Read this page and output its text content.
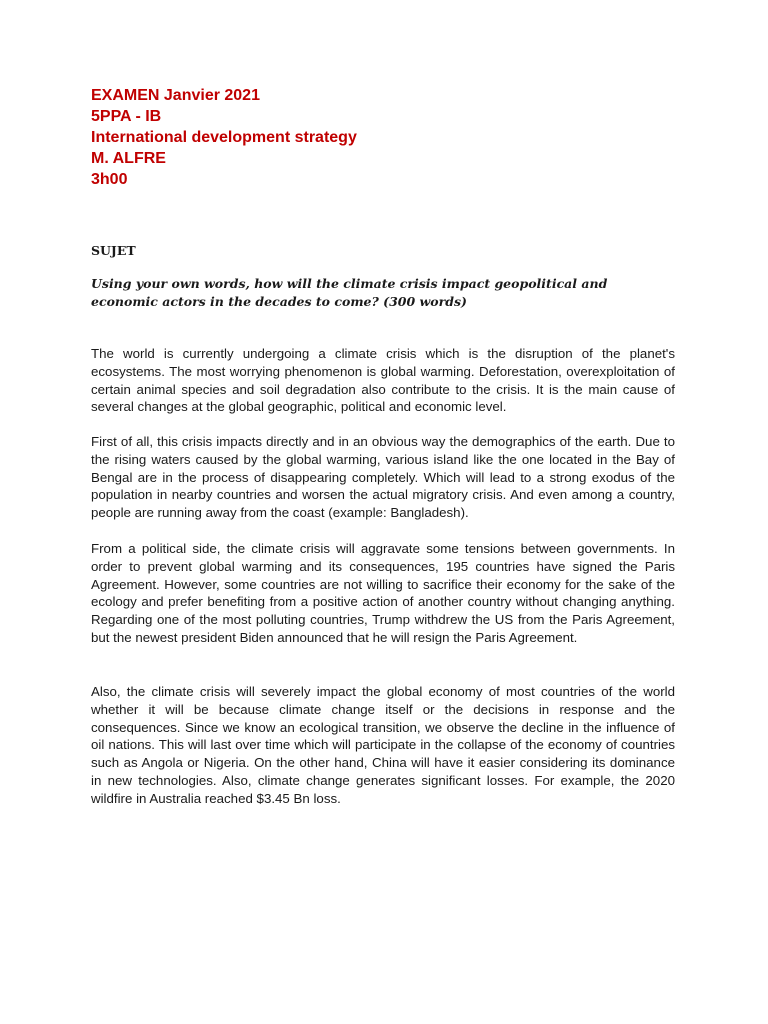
EXAMEN Janvier 2021
5PPA - IB
International development strategy
M. ALFRE
3h00
SUJET
Using your own words, how will the climate crisis impact geopolitical and economic actors in the decades to come? (300 words)

The world is currently undergoing a climate crisis which is the disruption of the planet's ecosystems. The most worrying phenomenon is global warming. Deforestation, overexploitation of certain animal species and soil degradation also contribute to the crisis. It is the main cause of several changes at the global geographic, political and economic level.

First of all, this crisis impacts directly and in an obvious way the demographics of the earth. Due to the rising waters caused by the global warming, various island like the one located in the Bay of Bengal are in the process of disappearing completely. Which will lead to a strong exodus of the population in nearby countries and worsen the actual migratory crisis. And even among a country, people are running away from the coast (example: Bangladesh).

From a political side, the climate crisis will aggravate some tensions between governments. In order to prevent global warming and its consequences, 195 countries have signed the Paris Agreement. However, some countries are not willing to sacrifice their economy for the sake of the ecology and prefer benefiting from a positive action of another country without changing anything. Regarding one of the most polluting countries, Trump withdrew the US from the Paris Agreement, but the newest president Biden announced that he will resign the Paris Agreement.

Also, the climate crisis will severely impact the global economy of most countries of the world whether it will be because climate change itself or the decisions in response and the consequences. Since we know an ecological transition, we observe the decline in the influence of oil nations. This will last over time which will participate in the collapse of the economy of countries such as Angola or Nigeria. On the other hand, China will have it easier considering its dominance in new technologies. Also, climate change generates significant losses. For example, the 2020 wildfire in Australia reached $3.45 Bn loss.
